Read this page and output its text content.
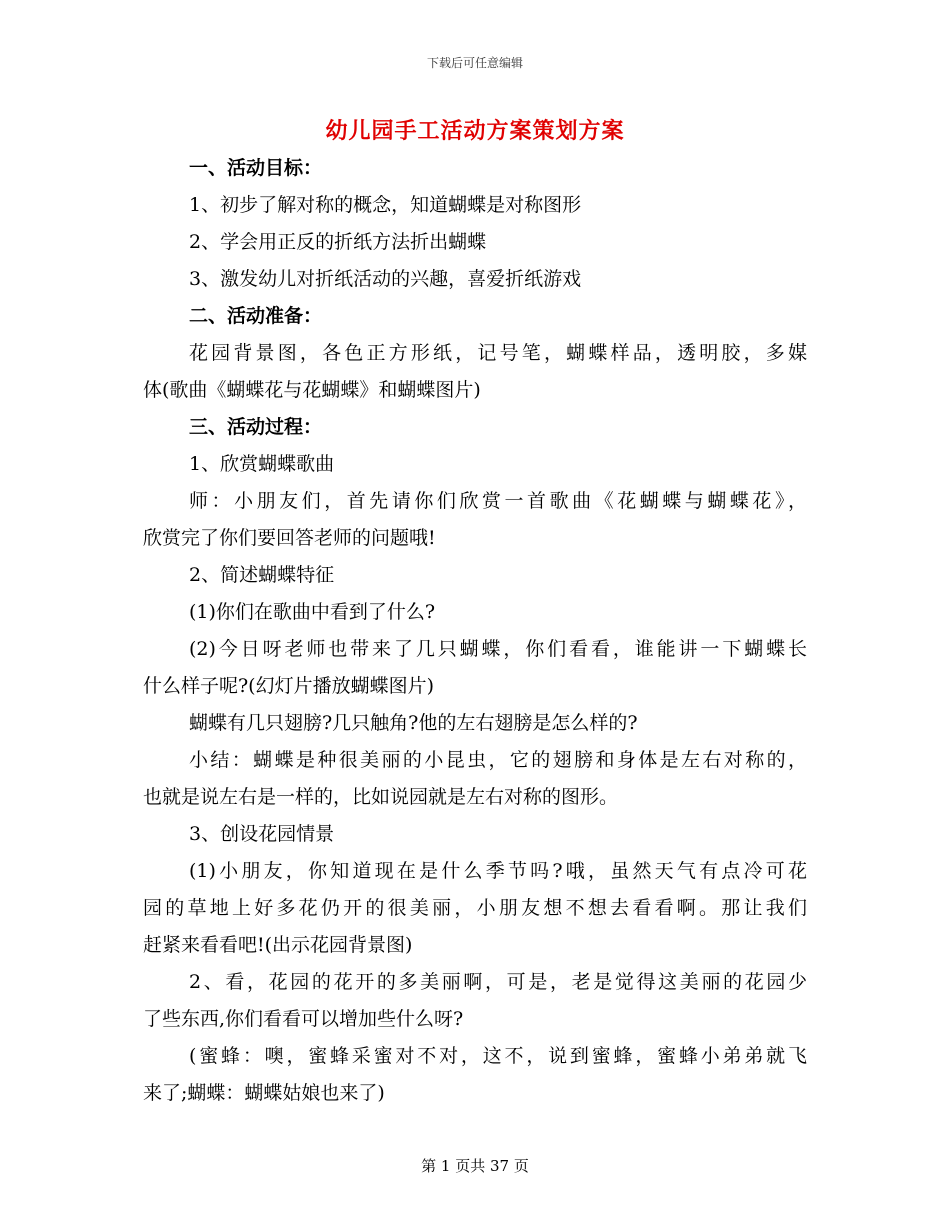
下载后可任意编辑
幼儿园手工活动方案策划方案
一、活动目标：
1、初步了解对称的概念，知道蝴蝶是对称图形
2、学会用正反的折纸方法折出蝴蝶
3、激发幼儿对折纸活动的兴趣，喜爱折纸游戏
二、活动准备：
花园背景图，各色正方形纸，记号笔，蝴蝶样品，透明胶，多媒
体(歌曲《蝴蝶花与花蝴蝶》和蝴蝶图片)
三、活动过程：
1、欣赏蝴蝶歌曲
师：小朋友们，首先请你们欣赏一首歌曲《花蝴蝶与蝴蝶花》，
欣赏完了你们要回答老师的问题哦!
2、简述蝴蝶特征
(1)你们在歌曲中看到了什么?
(2)今日呀老师也带来了几只蝴蝶，你们看看，谁能讲一下蝴蝶长
什么样子呢?(幻灯片播放蝴蝶图片)
蝴蝶有几只翅膀?几只触角?他的左右翅膀是怎么样的?
小结：蝴蝶是种很美丽的小昆虫，它的翅膀和身体是左右对称的，
也就是说左右是一样的，比如说园就是左右对称的图形。
3、创设花园情景
(1)小朋友，你知道现在是什么季节吗?哦，虽然天气有点冷可花
园的草地上好多花仍开的很美丽，小朋友想不想去看看啊。那让我们
赶紧来看看吧!(出示花园背景图)
2、看，花园的花开的多美丽啊，可是，老是觉得这美丽的花园少
了些东西,你们看看可以增加些什么呀?
(蜜蜂：噢，蜜蜂采蜜对不对，这不，说到蜜蜂，蜜蜂小弟弟就飞
来了;蝴蝶：蝴蝶姑娘也来了)
第 1 页共 37 页
